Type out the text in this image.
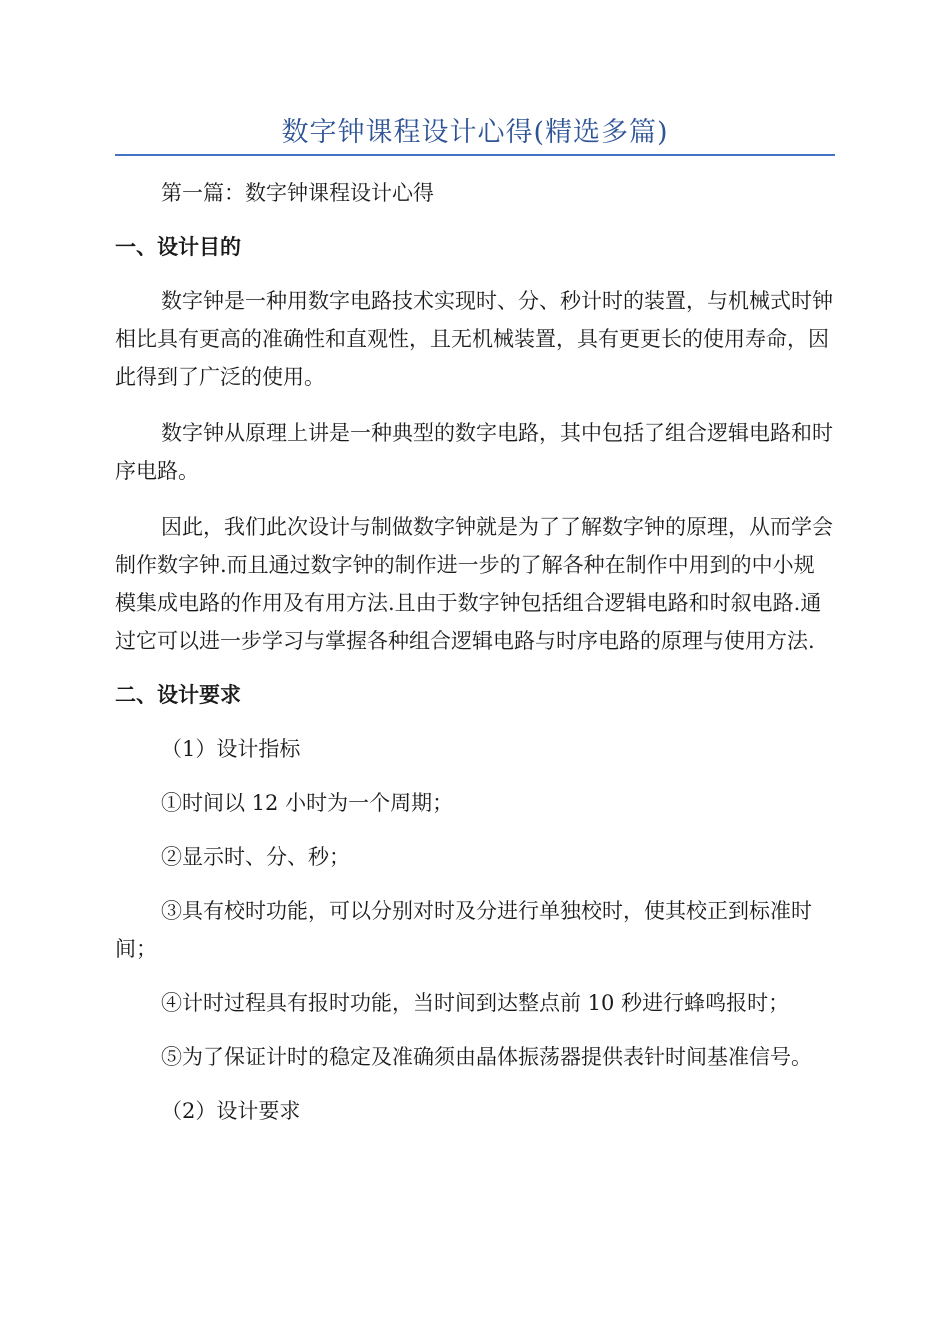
数字钟课程设计心得(精选多篇)

第一篇：数字钟课程设计心得

一、设计目的

数字钟是一种用数字电路技术实现时、分、秒计时的装置，与机械式时钟相比具有更高的准确性和直观性，且无机械装置，具有更更长的使用寿命，因此得到了广泛的使用。

数字钟从原理上讲是一种典型的数字电路，其中包括了组合逻辑电路和时序电路。

因此，我们此次设计与制做数字钟就是为了了解数字钟的原理，从而学会制作数字钟.而且通过数字钟的制作进一步的了解各种在制作中用到的中小规模集成电路的作用及有用方法.且由于数字钟包括组合逻辑电路和时叙电路.通过它可以进一步学习与掌握各种组合逻辑电路与时序电路的原理与使用方法.

二、设计要求

（1）设计指标

①时间以 12 小时为一个周期；

②显示时、分、秒；

③具有校时功能，可以分别对时及分进行单独校时，使其校正到标准时间；

④计时过程具有报时功能，当时间到达整点前 10 秒进行蜂鸣报时；

⑤为了保证计时的稳定及准确须由晶体振荡器提供表针时间基准信号。

（2）设计要求
